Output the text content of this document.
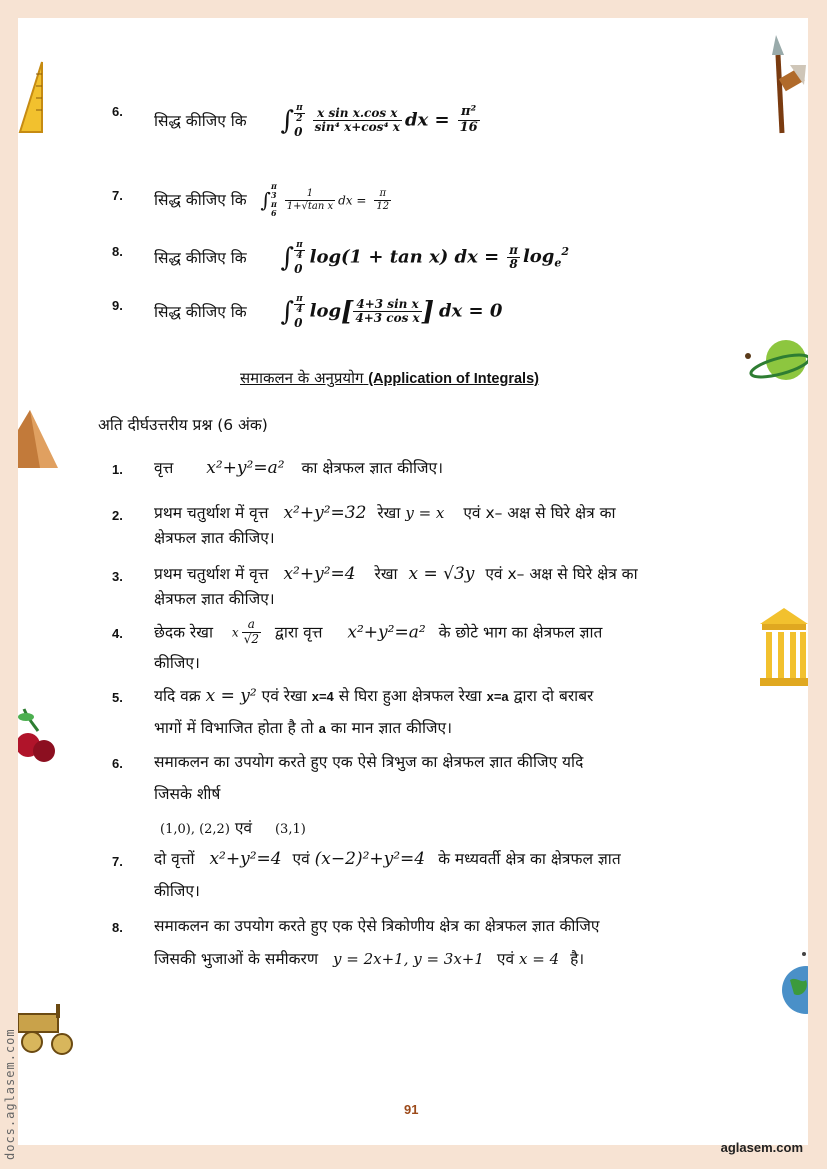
docs.aglasem.com
6.
सिद्ध कीजिए कि ∫ $\frac{\pi}{2}$

$0 \frac{\text{x sin x.cos x}}{\text{sin⁴ x+cos⁴ x}}$ dx = $\frac{\text{π²}}{16}$
7. सिद्ध कीजिए कि ∫π
3
π
6
$\frac{1}{\text{1+√tan x}}$ dx = $\frac{\pi}{12}$
8. सिद्ध कीजिए कि ∫ $\frac{\pi}{4}$

0 log(1 + tan x) dx = $\frac{\pi}{8} \log_e^2$
9. सिद्ध कीजिए कि ∫ $\frac{\pi}{4}$

0 $\log[ \frac{\text{4+3 sin x}}{\text{4+3 cos x}}$ ] dx = 0
समाकलन के अनुप्रयोग (Application of Integrals)
अति दीर्घउत्तरीय प्रश्न (6 अंक)
1. वृत्त x²+y²=a² का क्षेत्रफल ज्ञात कीजिए।
2. प्रथम चतुर्थाश में वृत्त x²+y²=32 रेखा y = x एवं x– अक्ष से घिरे क्षेत्र का
क्षेत्रफल ज्ञात कीजिए।
3. प्रथम चतुर्थाश में वृत्त x²+y²=4 रेखा x = √3y एवं x– अक्ष से घिरे क्षेत्र का
क्षेत्रफल ज्ञात कीजिए।
4. छेदक रेखा x $\frac{a}{√2}$ द्वारा वृत्त x²+y²=a² के छोटे भाग का क्षेत्रफल ज्ञात
कीजिए।
5. यदि वक्र x = y² एवं रेखा x=4 से घिरा हुआ क्षेत्रफल रेखा x=a द्वारा दो बराबर
भागों में विभाजित होता है तो a का मान ज्ञात कीजिए।
6. समाकलन का उपयोग करते हुए एक ऐसे त्रिभुज का क्षेत्रफल ज्ञात कीजिए यदि
जिसके शीर्ष
(1,0), (2,2) एवं (3,1)
7. दो वृत्तों x²+y²=4 एवं (x−2)²+y²=4 के मध्यवर्ती क्षेत्र का क्षेत्रफल ज्ञात
कीजिए।
8. समाकलन का उपयोग करते हुए एक ऐसे त्रिकोणीय क्षेत्र का क्षेत्रफल ज्ञात कीजिए
जिसकी भुजाओं के समीकरण y = 2x+1, y = 3x+1 एवं x = 4 है।
91
aglasem.com
